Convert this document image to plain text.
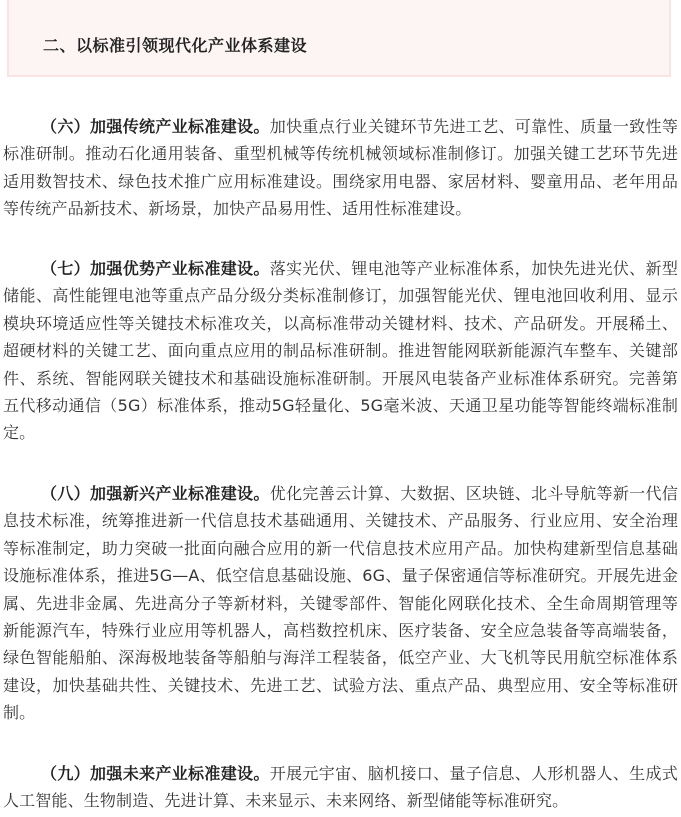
二、以标准引领现代化产业体系建设
（六）加强传统产业标准建设。加快重点行业关键环节先进工艺、可靠性、质量一致性等标准研制。推动石化通用装备、重型机械等传统机械领域标准制修订。加强关键工艺环节先进适用数智技术、绿色技术推广应用标准建设。围绕家用电器、家居材料、婴童用品、老年用品等传统产品新技术、新场景，加快产品易用性、适用性标准建设。
（七）加强优势产业标准建设。落实光伏、锂电池等产业标准体系，加快先进光伏、新型储能、高性能锂电池等重点产品分级分类标准制修订，加强智能光伏、锂电池回收利用、显示模块环境适应性等关键技术标准攻关，以高标准带动关键材料、技术、产品研发。开展稀土、超硬材料的关键工艺、面向重点应用的制品标准研制。推进智能网联新能源汽车整车、关键部件、系统、智能网联关键技术和基础设施标准研制。开展风电装备产业标准体系研究。完善第五代移动通信（5G）标准体系，推动5G轻量化、5G毫米波、天通卫星功能等智能终端标准制定。
（八）加强新兴产业标准建设。优化完善云计算、大数据、区块链、北斗导航等新一代信息技术标准，统筹推进新一代信息技术基础通用、关键技术、产品服务、行业应用、安全治理等标准制定，助力突破一批面向融合应用的新一代信息技术应用产品。加快构建新型信息基础设施标准体系，推进5G—A、低空信息基础设施、6G、量子保密通信等标准研究。开展先进金属、先进非金属、先进高分子等新材料，关键零部件、智能化网联化技术、全生命周期管理等新能源汽车，特殊行业应用等机器人，高档数控机床、医疗装备、安全应急装备等高端装备，绿色智能船舶、深海极地装备等船舶与海洋工程装备，低空产业、大飞机等民用航空标准体系建设，加快基础共性、关键技术、先进工艺、试验方法、重点产品、典型应用、安全等标准研制。
（九）加强未来产业标准建设。开展元宇宙、脑机接口、量子信息、人形机器人、生成式人工智能、生物制造、先进计算、未来显示、未来网络、新型储能等标准研究。
